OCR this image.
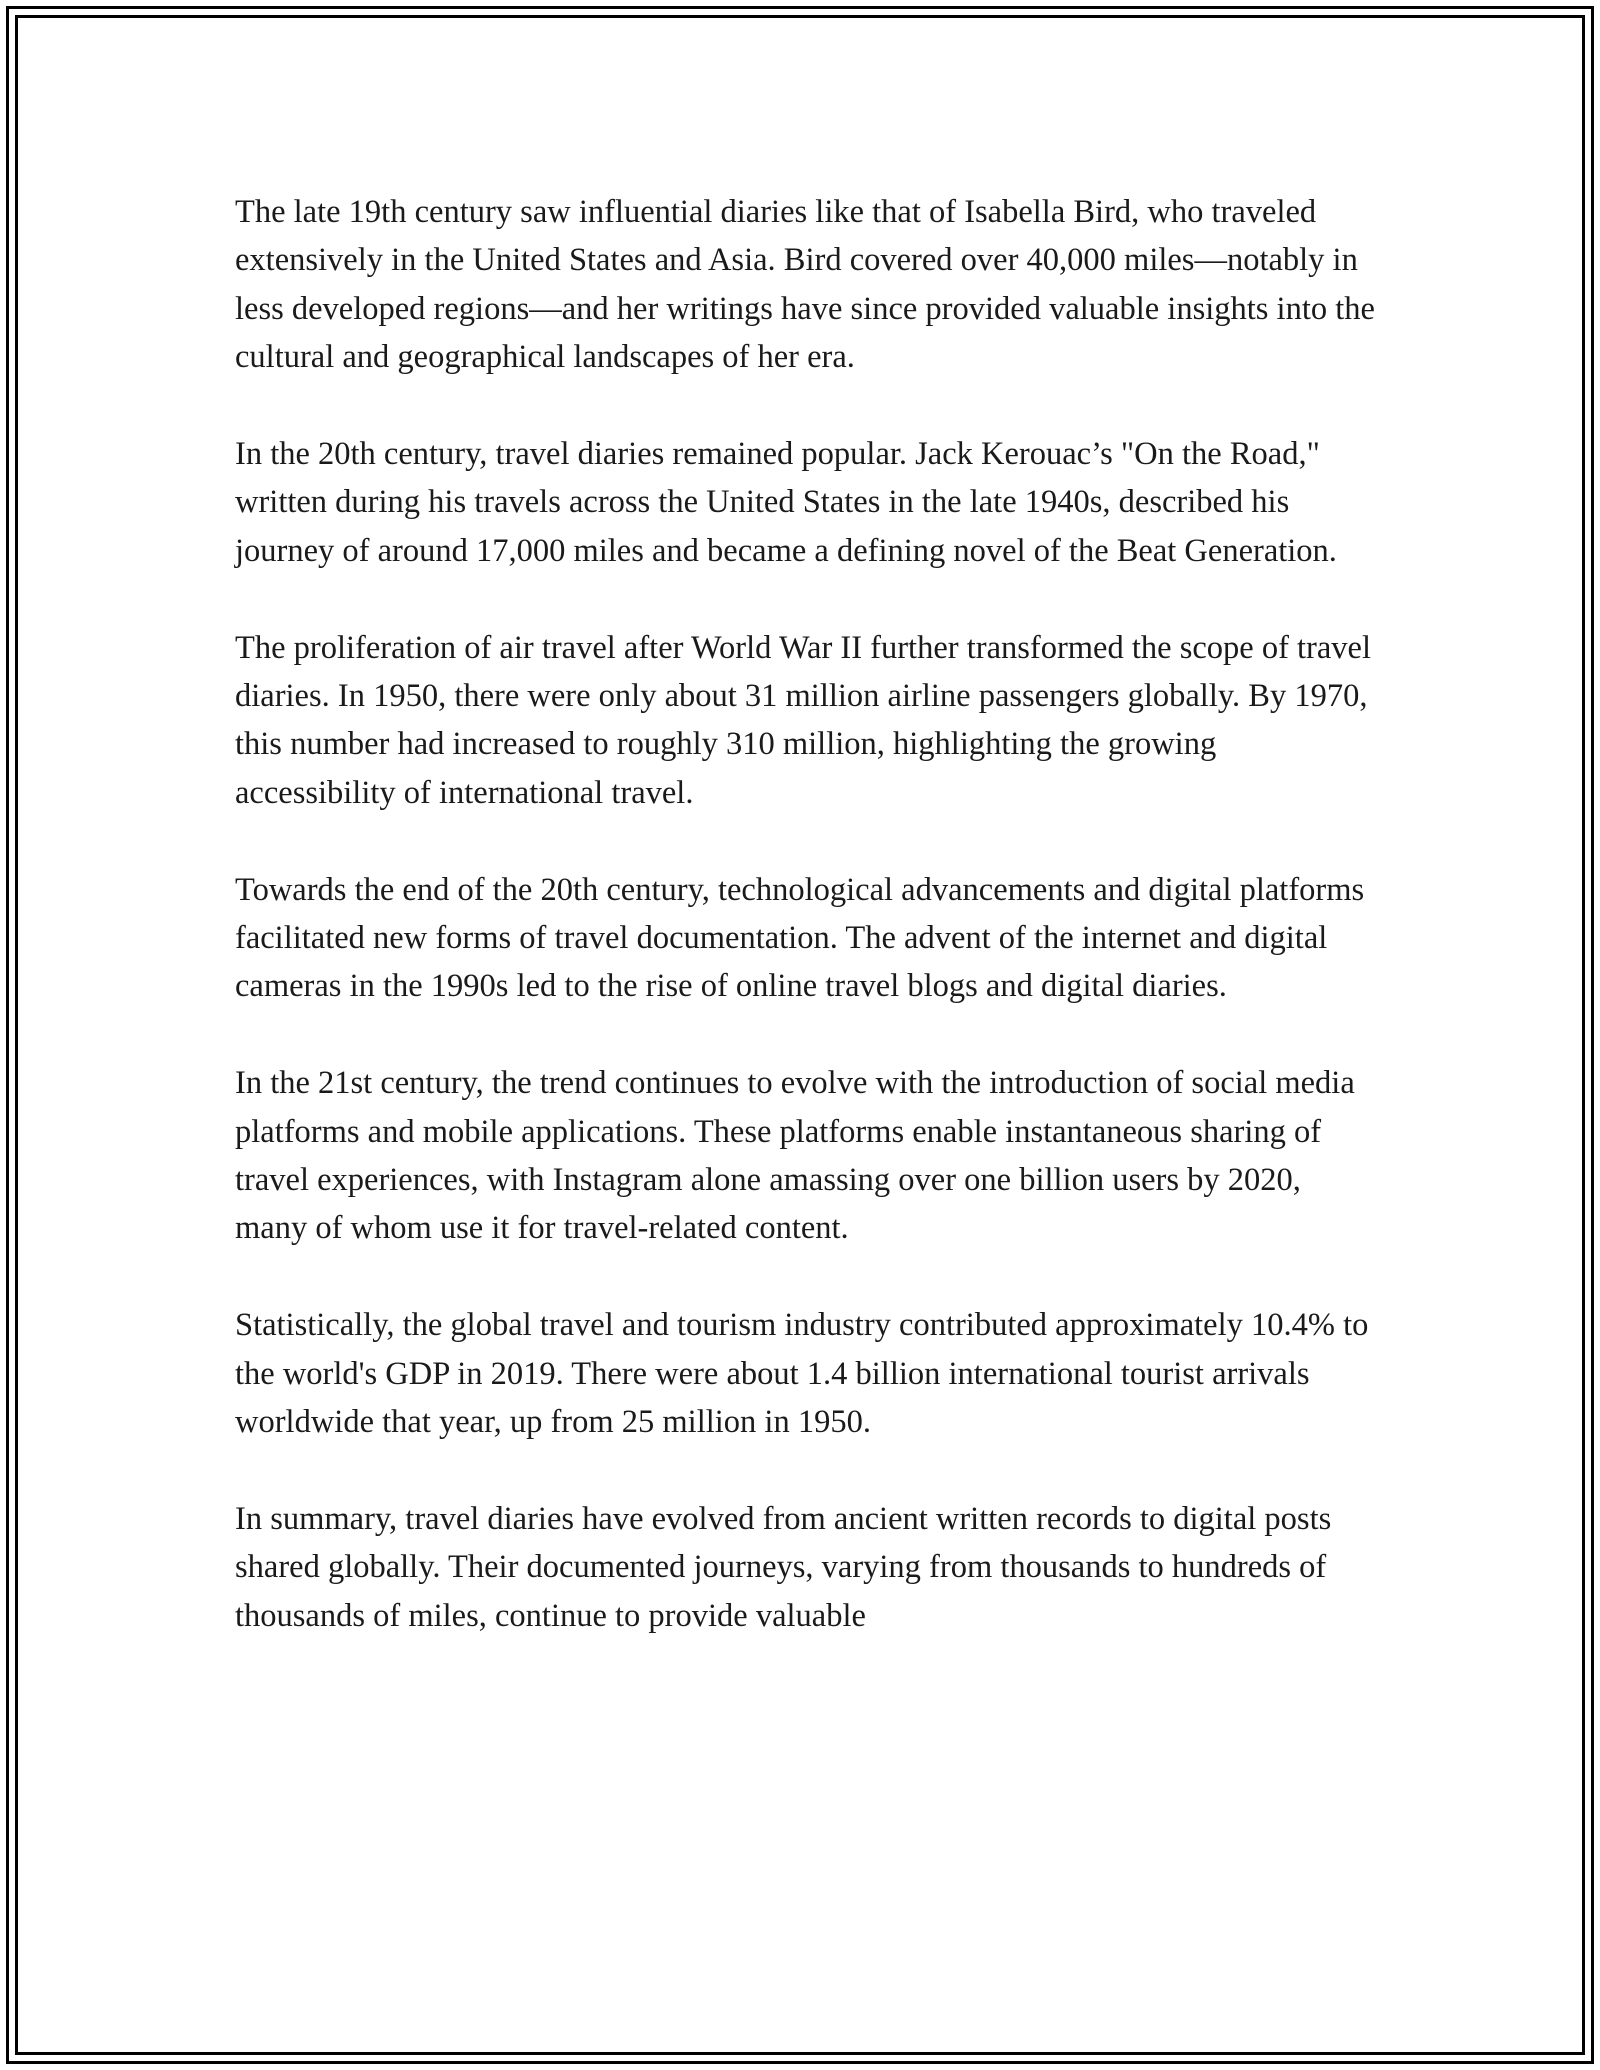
The late 19th century saw influential diaries like that of Isabella Bird, who traveled extensively in the United States and Asia. Bird covered over 40,000 miles—notably in less developed regions—and her writings have since provided valuable insights into the cultural and geographical landscapes of her era.

In the 20th century, travel diaries remained popular. Jack Kerouac’s "On the Road," written during his travels across the United States in the late 1940s, described his journey of around 17,000 miles and became a defining novel of the Beat Generation.

The proliferation of air travel after World War II further transformed the scope of travel diaries. In 1950, there were only about 31 million airline passengers globally. By 1970, this number had increased to roughly 310 million, highlighting the growing accessibility of international travel.

Towards the end of the 20th century, technological advancements and digital platforms facilitated new forms of travel documentation. The advent of the internet and digital cameras in the 1990s led to the rise of online travel blogs and digital diaries.

In the 21st century, the trend continues to evolve with the introduction of social media platforms and mobile applications. These platforms enable instantaneous sharing of travel experiences, with Instagram alone amassing over one billion users by 2020, many of whom use it for travel-related content.

Statistically, the global travel and tourism industry contributed approximately 10.4% to the world's GDP in 2019. There were about 1.4 billion international tourist arrivals worldwide that year, up from 25 million in 1950.

In summary, travel diaries have evolved from ancient written records to digital posts shared globally. Their documented journeys, varying from thousands to hundreds of thousands of miles, continue to provide valuable
